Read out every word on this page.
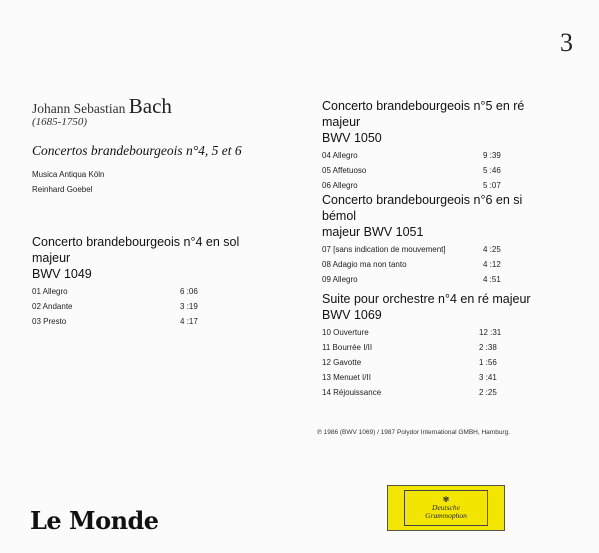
3
Johann Sebastian Bach
(1685-1750)
Concertos brandebourgeois n°4, 5 et 6
Musica Antiqua Köln
Reinhard Goebel
Concerto brandebourgeois n°4 en sol majeur
BWV 1049
01 Allegro	6 :06
02 Andante	3 :19
03 Presto	4 :17
Concerto brandebourgeois n°5 en ré majeur
BWV 1050
04 Allegro	9 :39
05 Affetuoso	5 :46
06 Allegro	5 :07
Concerto brandebourgeois n°6 en si bémol
majeur BWV 1051
07 [sans indication de mouvement]	4 :25
08 Adagio ma non tanto	4 :12
09 Allegro	4 :51
Suite pour orchestre n°4 en ré majeur
BWV 1069
10 Ouverture	12 :31
11 Bourrée I/II	2 :38
12 Gavotte	1 :56
13 Menuet I/II	3 :41
14 Réjouissance	2 :25
℗ 1986 (BWV 1069) / 1987 Polydor International GMBH, Hamburg.
Le Monde
✾
Deutsche
Grammophon
